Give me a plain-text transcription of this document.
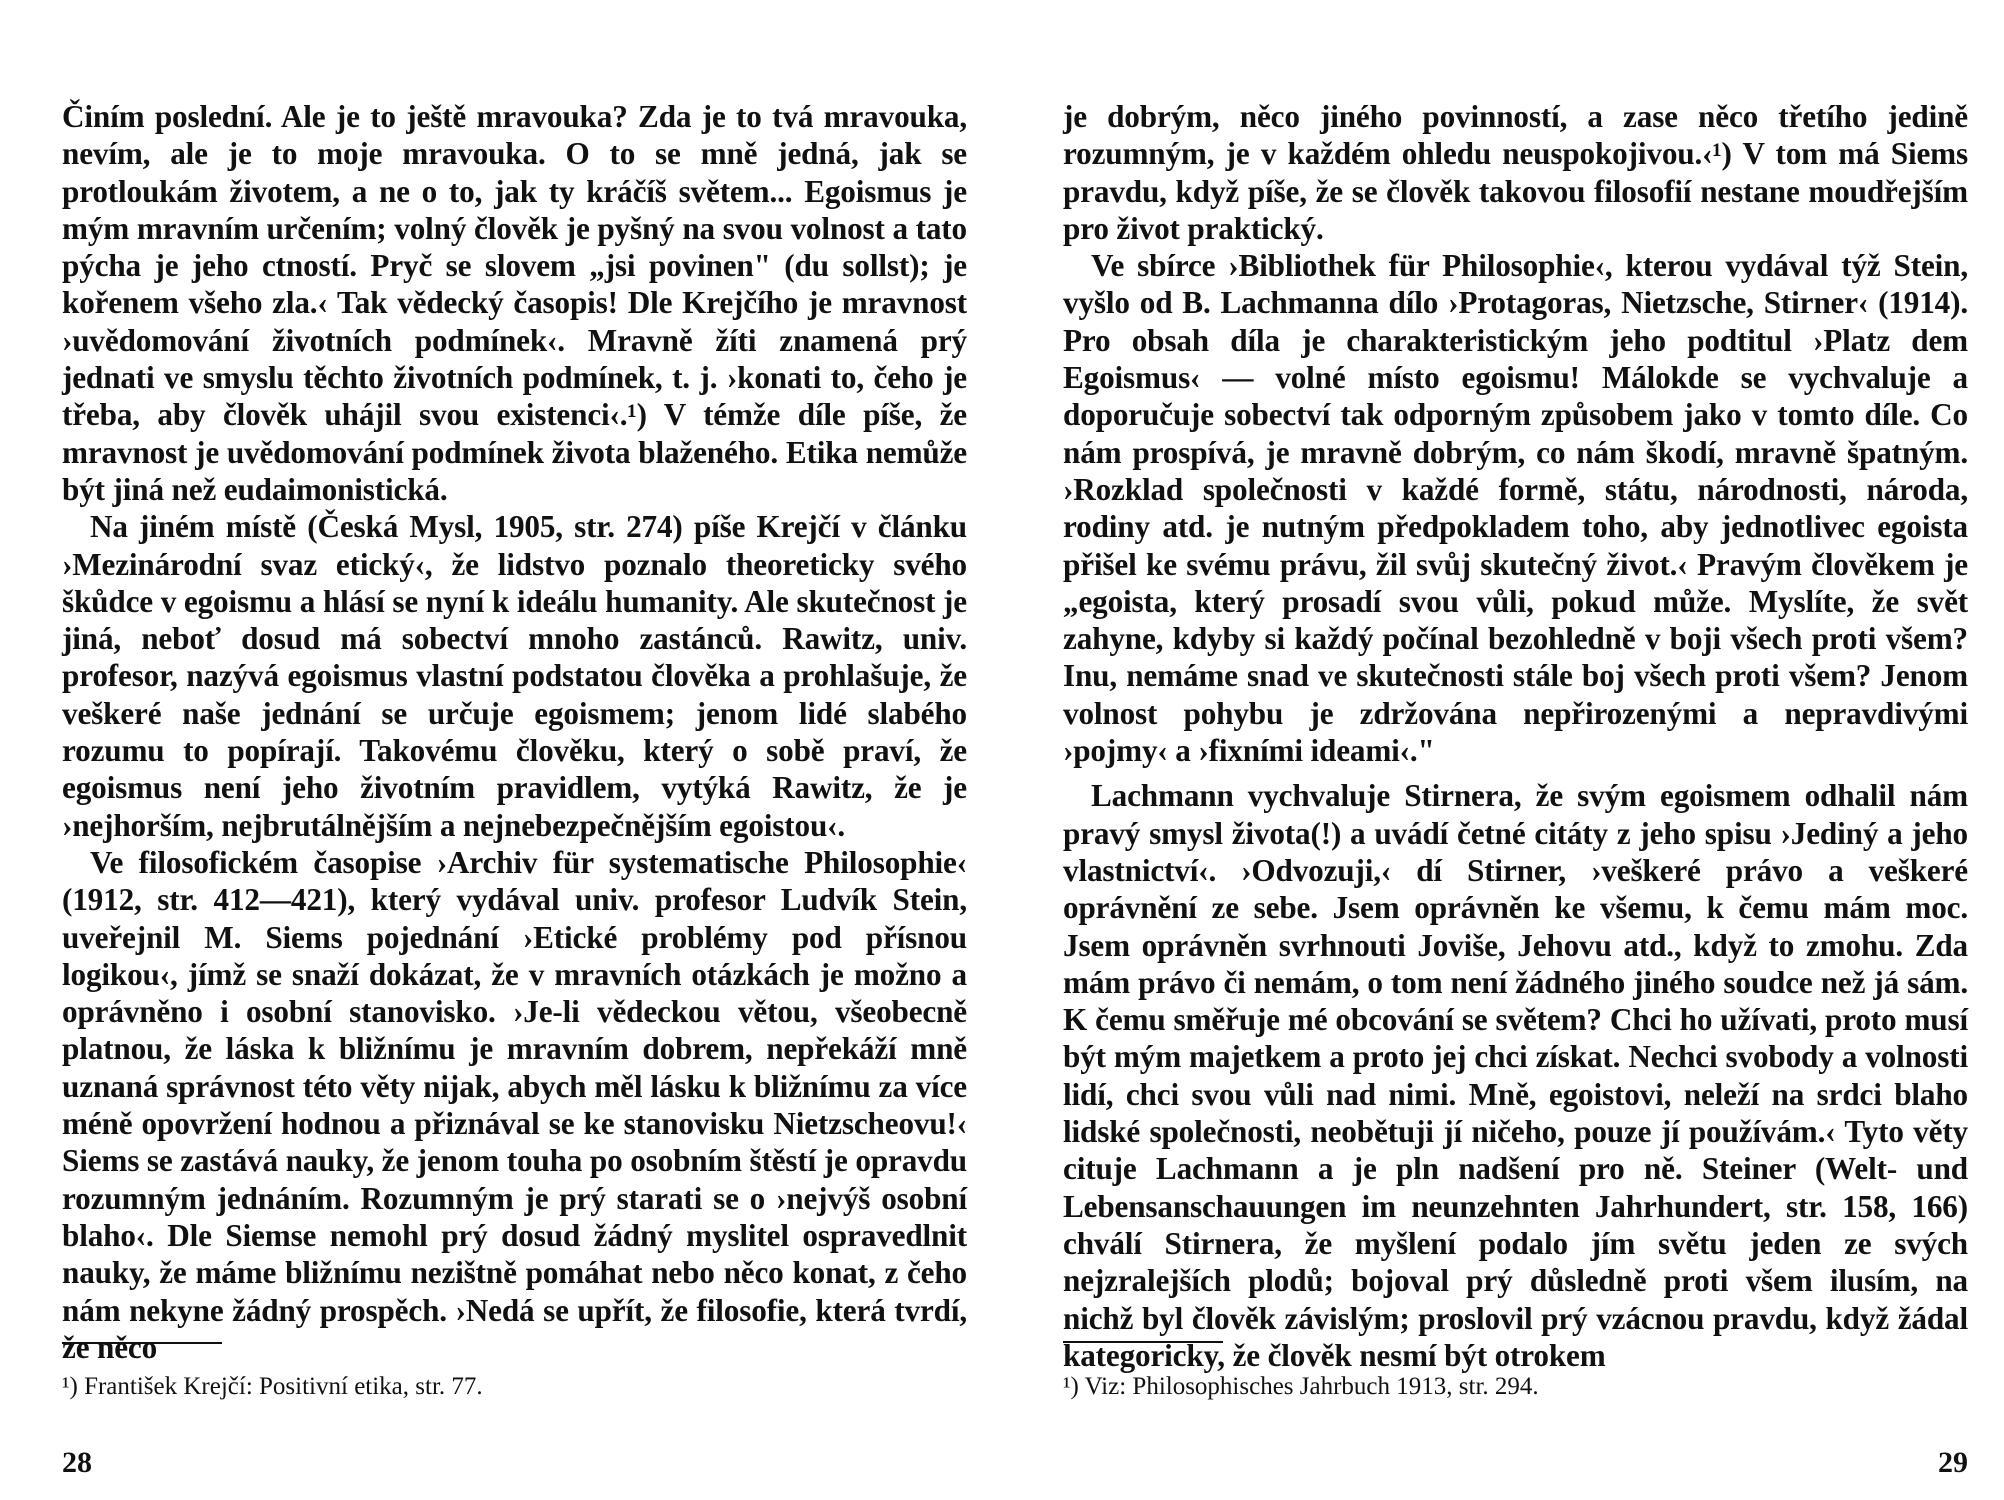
Činím poslední. Ale je to ještě mravouka? Zda je to tvá mravouka, nevím, ale je to moje mravouka. O to se mně jedná, jak se protloukám životem, a ne o to, jak ty kráčíš světem... Egoismus je mým mravním určením; volný člověk je pyšný na svou volnost a tato pýcha je jeho ctností. Pryč se slovem „jsi povinen" (du sollst); je kořenem všeho zla.‹ Tak vědecký časopis! Dle Krejčího je mravnost ›uvědomování životních podmínek‹. Mravně žíti znamená prý jednati ve smyslu těchto životních podmínek, t. j. ›konati to, čeho je třeba, aby člověk uhájil svou existenci‹.¹) V témže díle píše, že mravnost je uvědomování podmínek života blaženého. Etika nemůže být jiná než eudaimonistická.

Na jiném místě (Česká Mysl, 1905, str. 274) píše Krejčí v článku ›Mezinárodní svaz etický‹, že lidstvo poznalo theoreticky svého škůdce v egoismu a hlásí se nyní k ideálu humanity. Ale skutečnost je jiná, neboť dosud má sobectví mnoho zastánců. Rawitz, univ. profesor, nazývá egoismus vlastní podstatou člověka a prohlašuje, že veškeré naše jednání se určuje egoismem; jenom lidé slabého rozumu to popírají. Takovému člověku, který o sobě praví, že egoismus není jeho životním pravidlem, vytýká Rawitz, že je ›nejhorším, nejbrutálnějším a nejnebezpečnějším egoistou‹.

Ve filosofickém časopise ›Archiv für systematische Philosophie‹ (1912, str. 412—421), který vydával univ. profesor Ludvík Stein, uveřejnil M. Siems pojednání ›Etické problémy pod přísnou logikou‹, jímž se snaží dokázat, že v mravních otázkách je možno a oprávněno i osobní stanovisko. ›Je-li vědeckou větou, všeobecně platnou, že láska k bližnímu je mravním dobrem, nepřekáží mně uznaná správnost této věty nijak, abych měl lásku k bližnímu za více méně opovržení hodnou a přiznával se ke stanovisku Nietzscheovu!‹ Siems se zastává nauky, že jenom touha po osobním štěstí je opravdu rozumným jednáním. Rozumným je prý starati se o ›nejvýš osobní blaho‹. Dle Siemse nemohl prý dosud žádný myslitel ospravedlnit nauky, že máme bližnímu nezištně pomáhat nebo něco konat, z čeho nám nekyne žádný prospěch. ›Nedá se upřít, že filosofie, která tvrdí, že něco

¹) František Krejčí: Positivní etika, str. 77.
28

je dobrým, něco jiného povinností, a zase něco třetího jedině rozumným, je v každém ohledu neuspokojivou.‹¹) V tom má Siems pravdu, když píše, že se člověk takovou filosofií nestane moudřejším pro život praktický.

Ve sbírce ›Bibliothek für Philosophie‹, kterou vydával týž Stein, vyšlo od B. Lachmanna dílo ›Protagoras, Nietzsche, Stirner‹ (1914). Pro obsah díla je charakteristickým jeho podtitul ›Platz dem Egoismus‹ — volné místo egoismu! Málokde se vychvaluje a doporučuje sobectví tak odporným způsobem jako v tomto díle. Co nám prospívá, je mravně dobrým, co nám škodí, mravně špatným. ›Rozklad společnosti v každé formě, státu, národnosti, národa, rodiny atd. je nutným předpokladem toho, aby jednotlivec egoista přišel ke svému právu, žil svůj skutečný život.‹ Pravým člověkem je „egoista, který prosadí svou vůli, pokud může. Myslíte, že svět zahyne, kdyby si každý počínal bezohledně v boji všech proti všem? Inu, nemáme snad ve skutečnosti stále boj všech proti všem? Jenom volnost pohybu je zdržována nepřirozenými a nepravdivými ›pojmy‹ a ›fixními ideami‹."

Lachmann vychvaluje Stirnera, že svým egoismem odhalil nám pravý smysl života(!) a uvádí četné citáty z jeho spisu ›Jediný a jeho vlastnictví‹. ›Odvozuji,‹ dí Stirner, ›veškeré právo a veškeré oprávnění ze sebe. Jsem oprávněn ke všemu, k čemu mám moc. Jsem oprávněn svrhnouti Joviše, Jehovu atd., když to zmohu. Zda mám právo či nemám, o tom není žádného jiného soudce než já sám. K čemu směřuje mé obcování se světem? Chci ho užívati, proto musí být mým majetkem a proto jej chci získat. Nechci svobody a volnosti lidí, chci svou vůli nad nimi. Mně, egoistovi, neleží na srdci blaho lidské společnosti, neobětuji jí ničeho, pouze jí používám.‹ Tyto věty cituje Lachmann a je pln nadšení pro ně. Steiner (Welt- und Lebensanschauungen im neunzehnten Jahrhundert, str. 158, 166) chválí Stirnera, že myšlení podalo jím světu jeden ze svých nejzralejších plodů; bojoval prý důsledně proti všem ilusím, na nichž byl člověk závislým; proslovil prý vzácnou pravdu, když žádal kategoricky, že člověk nesmí být otrokem

¹) Viz: Philosophisches Jahrbuch 1913, str. 294.
29
